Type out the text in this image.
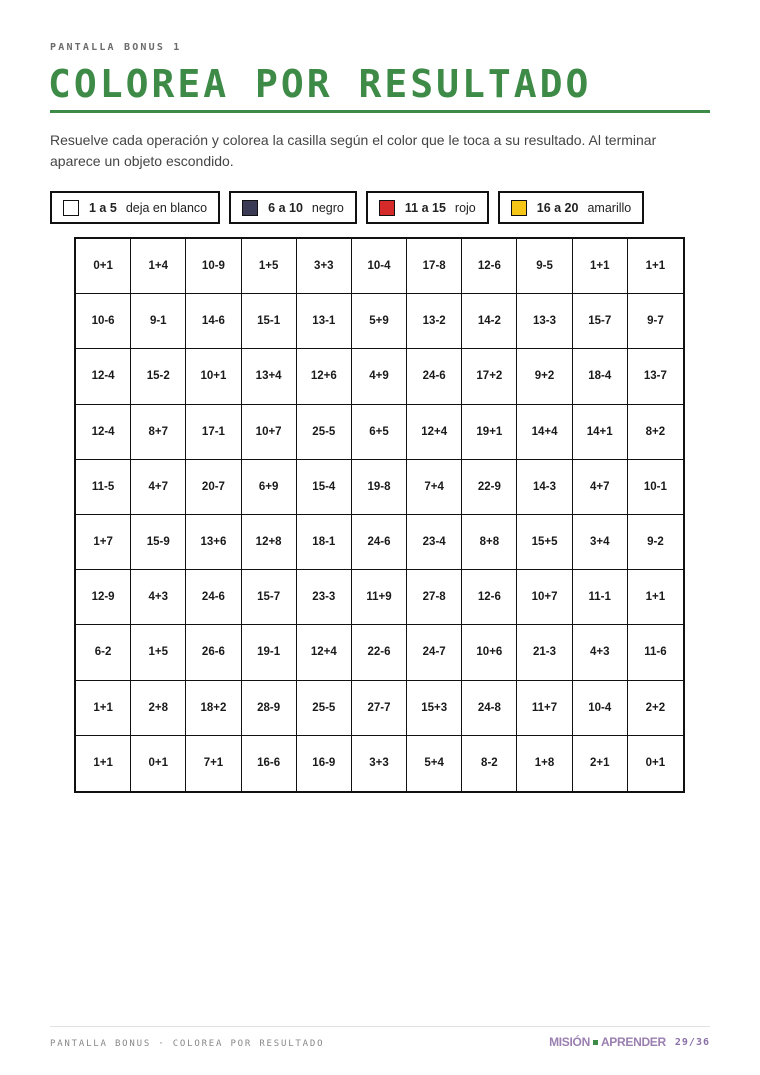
PANTALLA BONUS 1
COLOREA POR RESULTADO
Resuelve cada operación y colorea la casilla según el color que le toca a su resultado. Al terminar aparece un objeto escondido.
1 a 5 deja en blanco	6 a 10 negro	11 a 15 rojo	16 a 20 amarillo
0+1	1+4	10-9	1+5	3+3	10-4	17-8	12-6	9-5	1+1	1+1
10-6	9-1	14-6	15-1	13-1	5+9	13-2	14-2	13-3	15-7	9-7
12-4	15-2	10+1	13+4	12+6	4+9	24-6	17+2	9+2	18-4	13-7
12-4	8+7	17-1	10+7	25-5	6+5	12+4	19+1	14+4	14+1	8+2
11-5	4+7	20-7	6+9	15-4	19-8	7+4	22-9	14-3	4+7	10-1
1+7	15-9	13+6	12+8	18-1	24-6	23-4	8+8	15+5	3+4	9-2
12-9	4+3	24-6	15-7	23-3	11+9	27-8	12-6	10+7	11-1	1+1
6-2	1+5	26-6	19-1	12+4	22-6	24-7	10+6	21-3	4+3	11-6
1+1	2+8	18+2	28-9	25-5	27-7	15+3	24-8	11+7	10-4	2+2
1+1	0+1	7+1	16-6	16-9	3+3	5+4	8-2	1+8	2+1	0+1
PANTALLA BONUS · COLOREA POR RESULTADO	MISIÓN APRENDER 29/36
